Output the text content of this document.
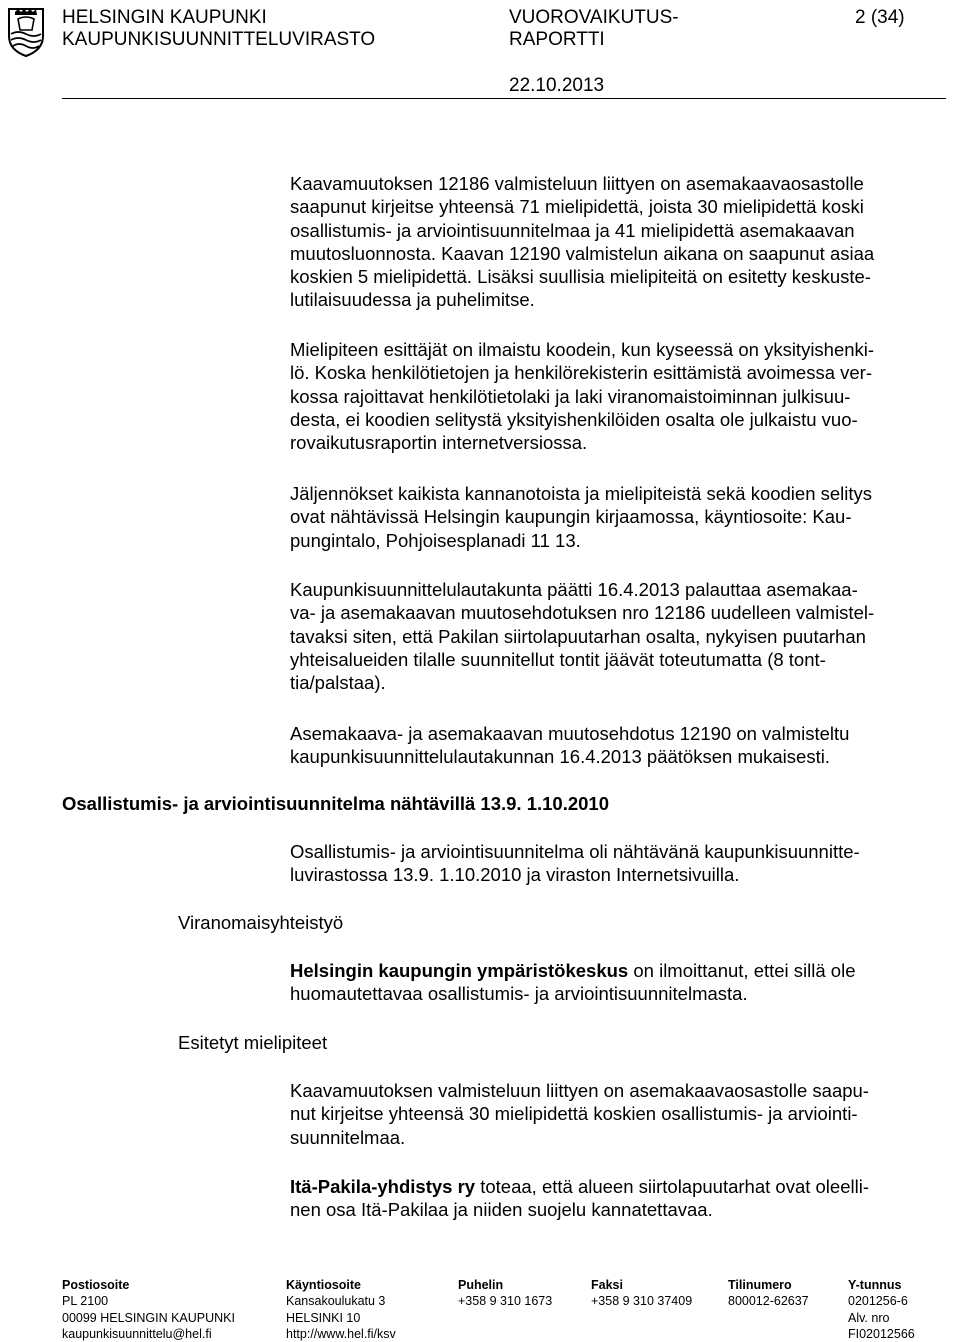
HELSINGIN KAUPUNKI
KAUPUNKISUUNNITTELUVIRASTO
VUOROVAIKUTUS-
RAPORTTI
2 (34)
22.10.2013
Kaavamuutoksen 12186 valmisteluun liittyen on asemakaavaosastolle
saapunut kirjeitse yhteensä 71 mielipidettä, joista 30 mielipidettä koski
osallistumis- ja arviointisuunnitelmaa ja 41 mielipidettä asemakaavan
muutosluonnosta. Kaavan 12190 valmistelun aikana on saapunut asiaa
koskien 5 mielipidettä. Lisäksi suullisia mielipiteitä on esitetty keskuste-
lutilaisuudessa ja puhelimitse.
Mielipiteen esittäjät on ilmaistu koodein, kun kyseessä on yksityishenki-
lö. Koska henkilötietojen ja henkilörekisterin esittämistä avoimessa ver-
kossa rajoittavat henkilötietolaki ja laki viranomaistoiminnan julkisuu-
desta, ei koodien selitystä yksityishenkilöiden osalta ole julkaistu vuo-
rovaikutusraportin internetversiossa.
Jäljennökset kaikista kannanotoista ja mielipiteistä sekä koodien selitys
ovat nähtävissä Helsingin kaupungin kirjaamossa, käyntiosoite: Kau-
pungintalo, Pohjoisesplanadi 11 13.
Kaupunkisuunnittelulautakunta päätti 16.4.2013 palauttaa asemakaa-
va- ja asemakaavan muutosehdotuksen nro 12186 uudelleen valmistel-
tavaksi siten, että Pakilan siirtolapuutarhan osalta, nykyisen puutarhan
yhteisalueiden tilalle suunnitellut tontit jäävät toteutumatta (8 tont-
tia/palstaa).
Asemakaava- ja asemakaavan muutosehdotus 12190 on valmisteltu
kaupunkisuunnittelulautakunnan 16.4.2013 päätöksen mukaisesti.
Osallistumis- ja arviointisuunnitelma nähtävillä 13.9. 1.10.2010
Osallistumis- ja arviointisuunnitelma oli nähtävänä kaupunkisuunnitte-
luvirastossa 13.9. 1.10.2010 ja viraston Internetsivuilla.
Viranomaisyhteistyö
Helsingin kaupungin ympäristökeskus on ilmoittanut, ettei sillä ole
huomautettavaa osallistumis- ja arviointisuunnitelmasta.
Esitetyt mielipiteet
Kaavamuutoksen valmisteluun liittyen on asemakaavaosastolle saapu-
nut kirjeitse yhteensä 30 mielipidettä koskien osallistumis- ja arviointi-
suunnitelmaa.
Itä-Pakila-yhdistys ry toteaa, että alueen siirtolapuutarhat ovat oleelli-
nen osa Itä-Pakilaa ja niiden suojelu kannatettavaa.
Postiosoite
PL 2100
00099 HELSINGIN KAUPUNKI
kaupunkisuunnittelu@hel.fi
Käyntiosoite
Kansakoulukatu 3
HELSINKI 10
http://www.hel.fi/ksv
Puhelin
+358 9 310 1673
Faksi
+358 9 310 37409
Tilinumero
800012-62637
Y-tunnus
0201256-6
Alv. nro
FI02012566
